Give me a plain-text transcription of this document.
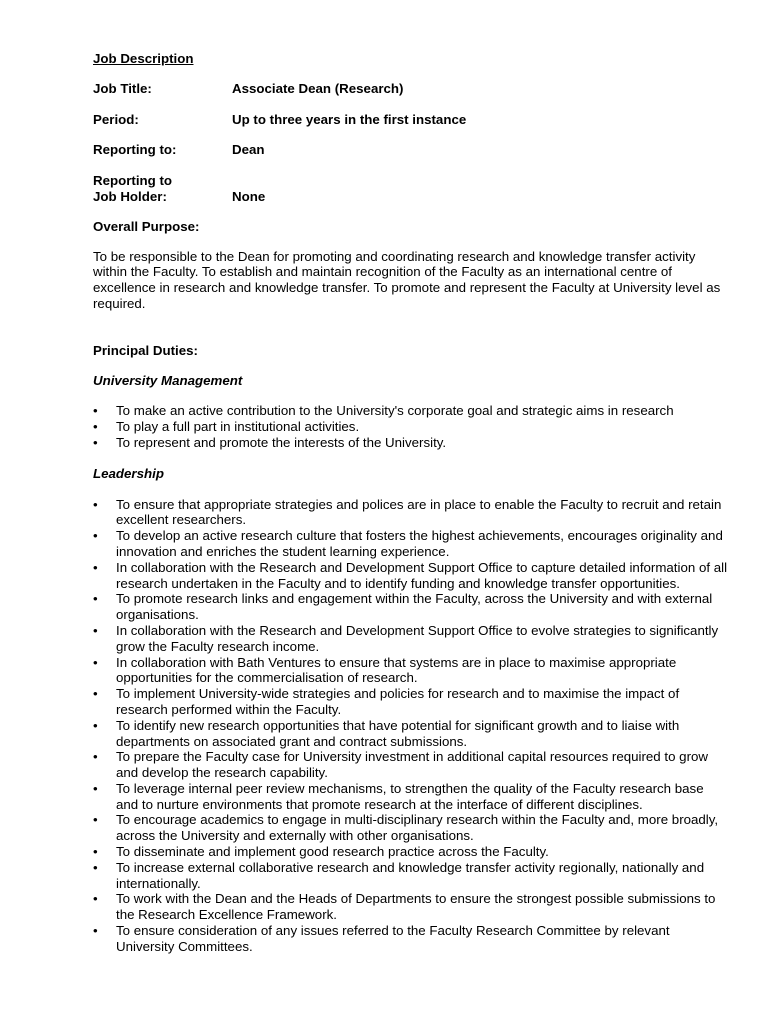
Job Description
Job Title:	Associate Dean (Research)
Period:	Up to three years in the first instance
Reporting to:	Dean
Reporting to
Job Holder:	None
Overall Purpose:

To be responsible to the Dean for promoting and coordinating research and knowledge transfer activity within the Faculty. To establish and maintain recognition of the Faculty as an international centre of excellence in research and knowledge transfer. To promote and represent the Faculty at University level as required.

Principal Duties:
University Management
• To make an active contribution to the University's corporate goal and strategic aims in research
• To play a full part in institutional activities.
• To represent and promote the interests of the University.
Leadership
• To ensure that appropriate strategies and polices are in place to enable the Faculty to recruit and retain excellent researchers.
• To develop an active research culture that fosters the highest achievements, encourages originality and innovation and enriches the student learning experience.
• In collaboration with the Research and Development Support Office to capture detailed information of all research undertaken in the Faculty and to identify funding and knowledge transfer opportunities.
• To promote research links and engagement within the Faculty, across the University and with external organisations.
• In collaboration with the Research and Development Support Office to evolve strategies to significantly grow the Faculty research income.
• In collaboration with Bath Ventures to ensure that systems are in place to maximise appropriate opportunities for the commercialisation of research.
• To implement University-wide strategies and policies for research and to maximise the impact of research performed within the Faculty.
• To identify new research opportunities that have potential for significant growth and to liaise with departments on associated grant and contract submissions.
• To prepare the Faculty case for University investment in additional capital resources required to grow and develop the research capability.
• To leverage internal peer review mechanisms, to strengthen the quality of the Faculty research base and to nurture environments that promote research at the interface of different disciplines.
• To encourage academics to engage in multi-disciplinary research within the Faculty and, more broadly, across the University and externally with other organisations.
• To disseminate and implement good research practice across the Faculty.
• To increase external collaborative research and knowledge transfer activity regionally, nationally and internationally.
• To work with the Dean and the Heads of Departments to ensure the strongest possible submissions to the Research Excellence Framework.
• To ensure consideration of any issues referred to the Faculty Research Committee by relevant University Committees.
